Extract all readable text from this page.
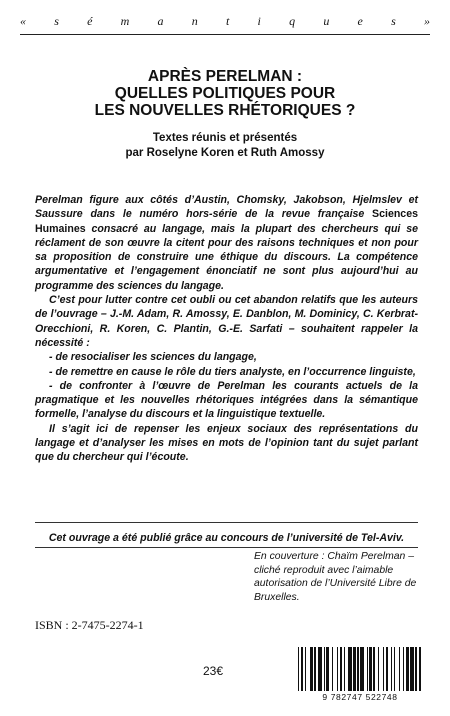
« s é m a n t i q u e s »
APRÈS PERELMAN :
QUELLES POLITIQUES POUR
LES NOUVELLES RHÉTORIQUES ?
Textes réunis et présentés
par Roselyne Koren et Ruth Amossy

Perelman figure aux côtés d’Austin, Chomsky, Jakobson, Hjelmslev et Saussure dans le numéro hors-série de la revue française Sciences Humaines consacré au langage, mais la plupart des chercheurs qui se réclament de son œuvre la citent pour des raisons techniques et non pour sa proposition de construire une éthique du discours. La compétence argumentative et l’engagement énonciatif ne sont plus aujourd’hui au programme des sciences du langage.

C’est pour lutter contre cet oubli ou cet abandon relatifs que les auteurs de l’ouvrage – J.-M. Adam, R. Amossy, E. Danblon, M. Dominicy, C. Kerbrat-Orecchioni, R. Koren, C. Plantin, G.-E. Sarfati – souhaitent rappeler la nécessité :

- de resocialiser les sciences du langage,

- de remettre en cause le rôle du tiers analyste, en l’occurrence linguiste,

- de confronter à l’œuvre de Perelman les courants actuels de la pragmatique et les nouvelles rhétoriques intégrées dans la sémantique formelle, l’analyse du discours et la linguistique textuelle.

Il s’agit ici de repenser les enjeux sociaux des représentations du langage et d’analyser les mises en mots de l’opinion tant du sujet parlant que du chercheur qui l’écoute.

Cet ouvrage a été publié grâce au concours de l’université de Tel-Aviv.
En couverture : Chaïm Perelman – cliché reproduit avec l’aimable autorisation de l’Université Libre de Bruxelles.
ISBN : 2-7475-2274-1
23€
9 782747 522748
